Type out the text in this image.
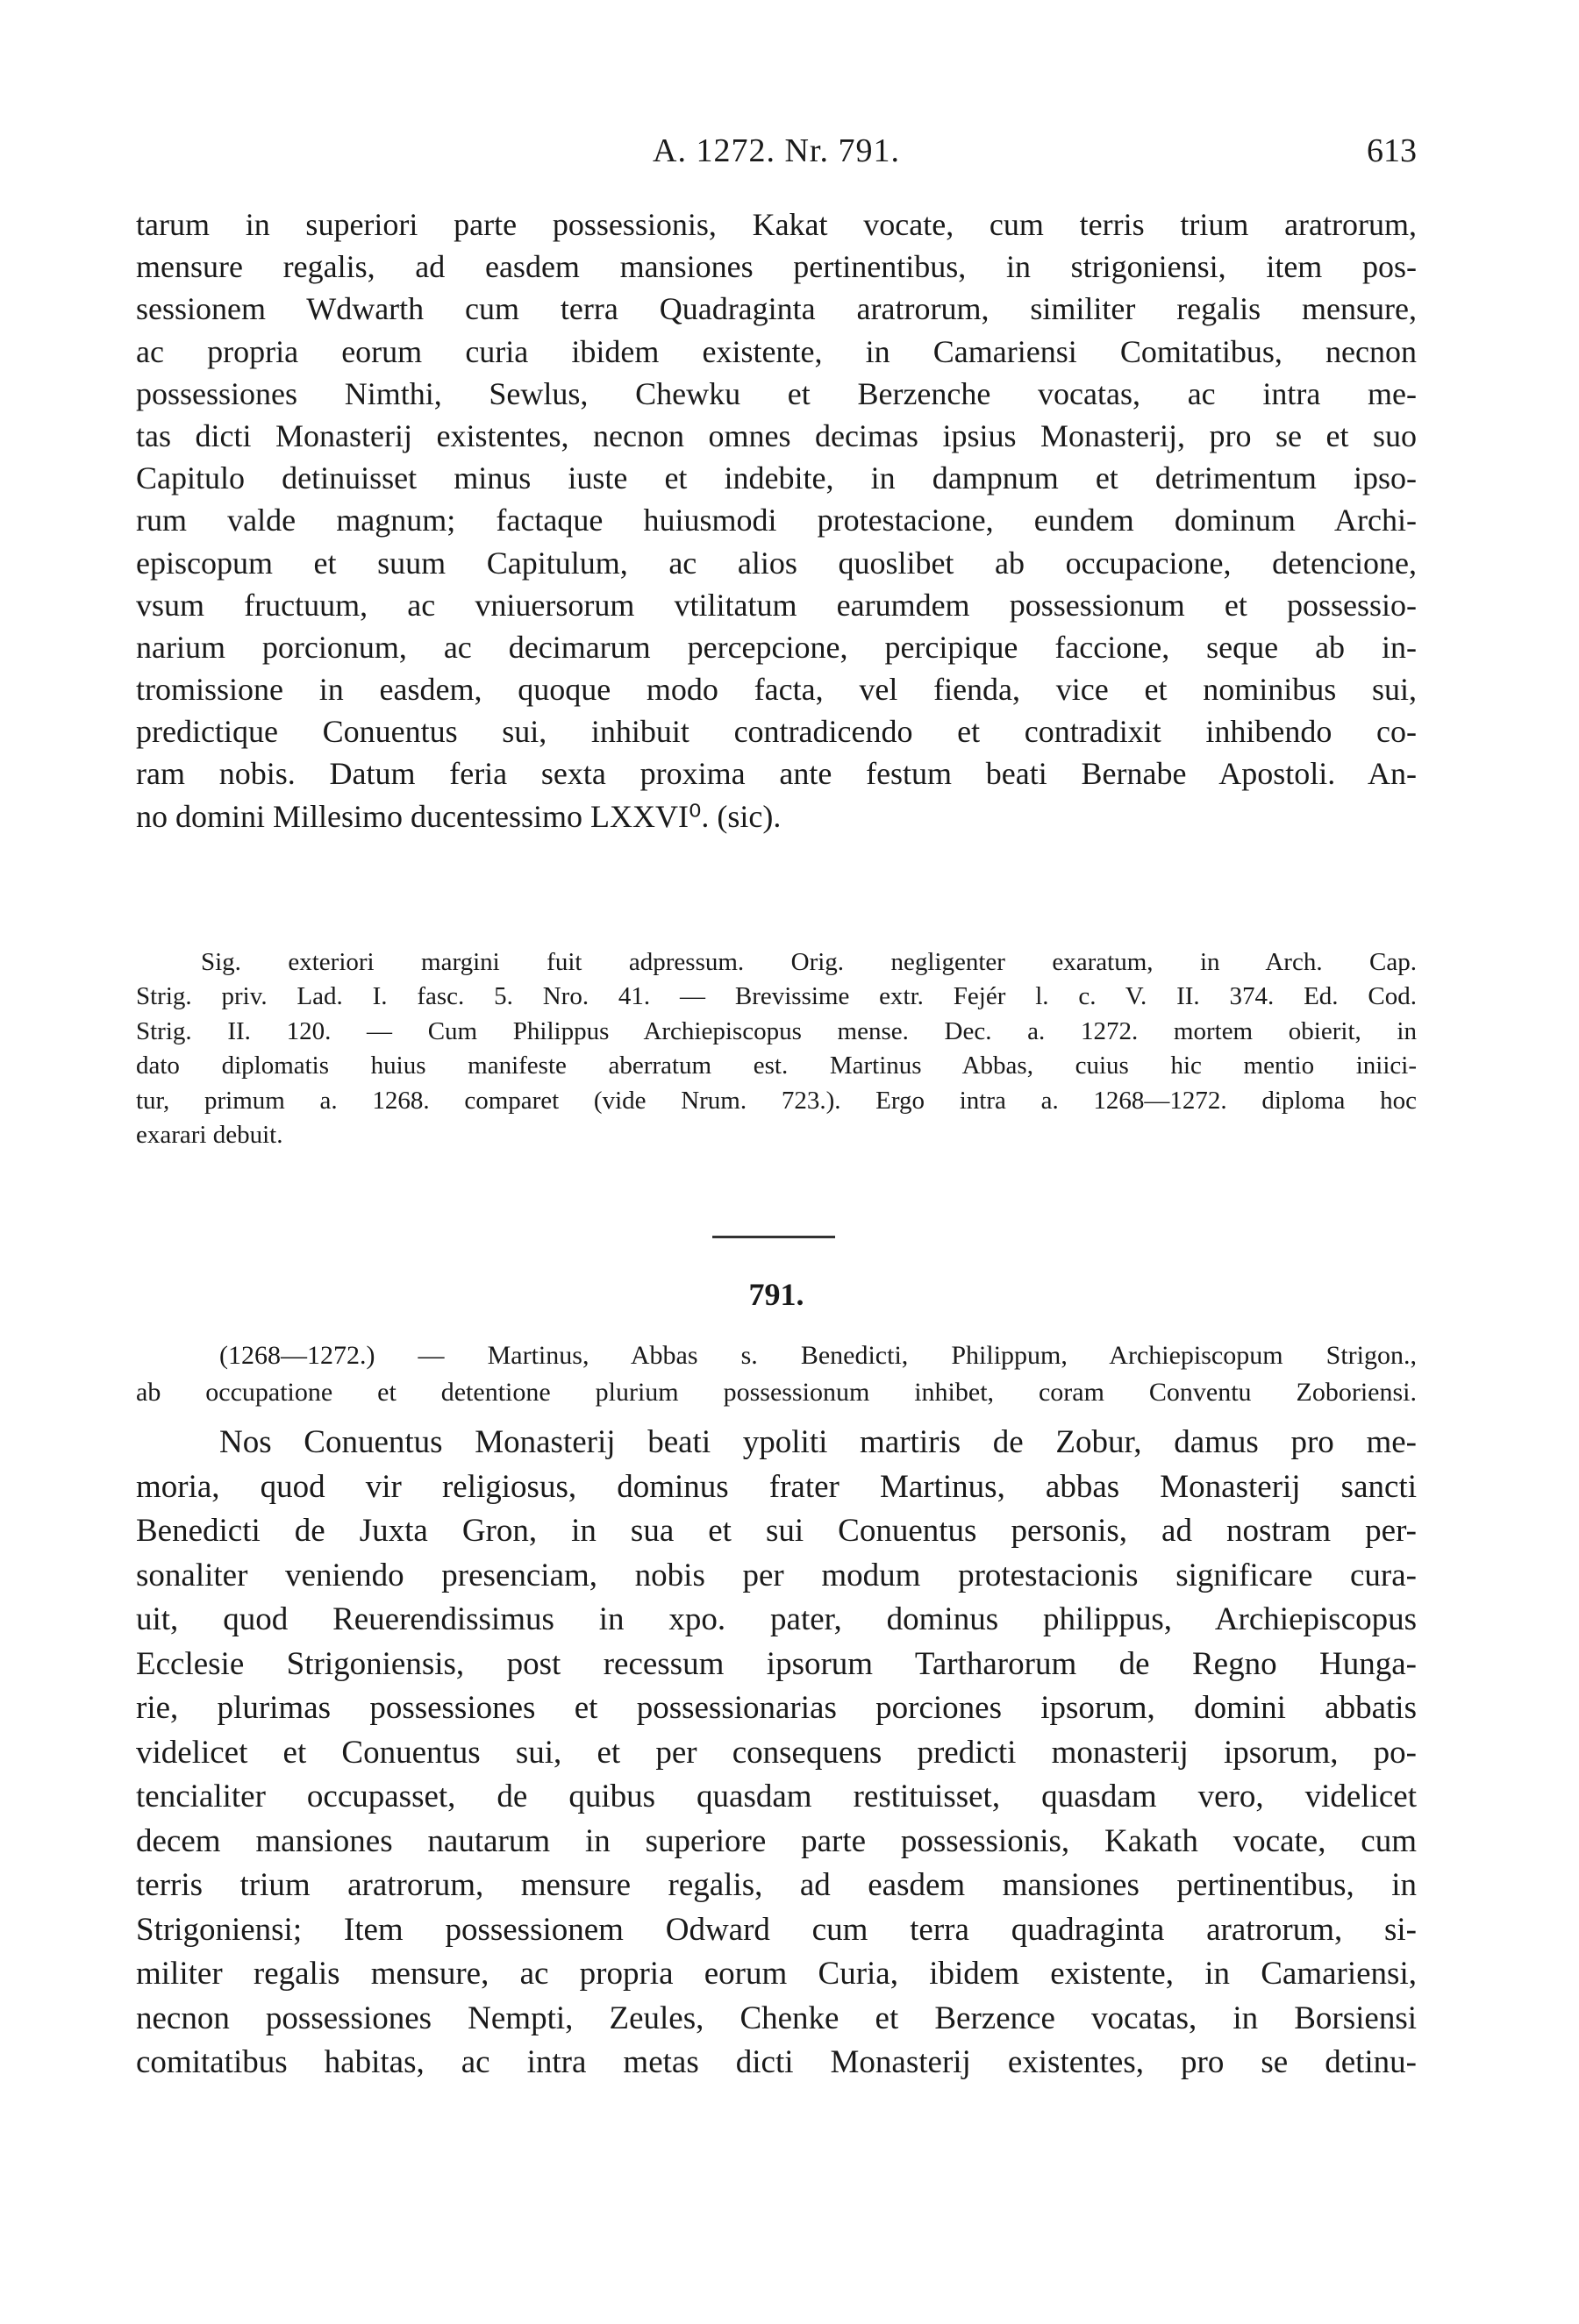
A. 1272. Nr. 791.	613
tarum in superiori parte possessionis, Kakat vocate, cum terris trium aratrorum,
mensure regalis, ad easdem mansiones pertinentibus, in strigoniensi, item pos-
sessionem Wdwarth cum terra Quadraginta aratrorum, similiter regalis mensure,
ac propria eorum curia ibidem existente, in Camariensi Comitatibus, necnon
possessiones Nimthi, Sewlus, Chewku et Berzenche vocatas, ac intra me-
tas dicti Monasterij existentes, necnon omnes decimas ipsius Monasterij, pro se et suo
Capitulo detinuisset minus iuste et indebite, in dampnum et detrimentum ipso-
rum valde magnum; factaque huiusmodi protestacione, eundem dominum Archi-
episcopum et suum Capitulum, ac alios quoslibet ab occupacione, detencione,
vsum fructuum, ac vniuersorum vtilitatum earumdem possessionum et possessio-
narium porcionum, ac decimarum percepcione, percipique faccione, seque ab in-
tromissione in easdem, quoque modo facta, vel fienda, vice et nominibus sui,
predictique Conuentus sui, inhibuit contradicendo et contradixit inhibendo co-
ram nobis. Datum feria sexta proxima ante festum beati Bernabe Apostoli. An-
no domini Millesimo ducentessimo LXXVI⁰. (sic).
Sig. exteriori margini fuit adpressum. Orig. negligenter exaratum, in Arch. Cap.
Strig. priv. Lad. I. fasc. 5. Nro. 41. — Brevissime extr. Fejér l. c. V. II. 374. Ed. Cod.
Strig. II. 120. — Cum Philippus Archiepiscopus mense. Dec. a. 1272. mortem obierit, in
dato diplomatis huius manifeste aberratum est. Martinus Abbas, cuius hic mentio iniici-
tur, primum a. 1268. comparet (vide Nrum. 723.). Ergo intra a. 1268—1272. diploma hoc
exarari debuit.
791.
(1268—1272.) — Martinus, Abbas s. Benedicti, Philippum, Archiepiscopum Strigon.,
ab occupatione et detentione plurium possessionum inhibet, coram Conventu Zoboriensi.
Nos Conuentus Monasterij beati ypoliti martiris de Zobur, damus pro me-
moria, quod vir religiosus, dominus frater Martinus, abbas Monasterij sancti
Benedicti de Juxta Gron, in sua et sui Conuentus personis, ad nostram per-
sonaliter veniendo presenciam, nobis per modum protestacionis significare cura-
uit, quod Reuerendissimus in xpo. pater, dominus philippus, Archiepiscopus
Ecclesie Strigoniensis, post recessum ipsorum Tartharorum de Regno Hunga-
rie, plurimas possessiones et possessionarias porciones ipsorum, domini abbatis
videlicet et Conuentus sui, et per consequens predicti monasterij ipsorum, po-
tencialiter occupasset, de quibus quasdam restituisset, quasdam vero, videlicet
decem mansiones nautarum in superiore parte possessionis, Kakath vocate, cum
terris trium aratrorum, mensure regalis, ad easdem mansiones pertinentibus, in
Strigoniensi; Item possessionem Odward cum terra quadraginta aratrorum, si-
militer regalis mensure, ac propria eorum Curia, ibidem existente, in Camariensi,
necnon possessiones Nempti, Zeules, Chenke et Berzence vocatas, in Borsiensi
comitatibus habitas, ac intra metas dicti Monasterij existentes, pro se detinu-
